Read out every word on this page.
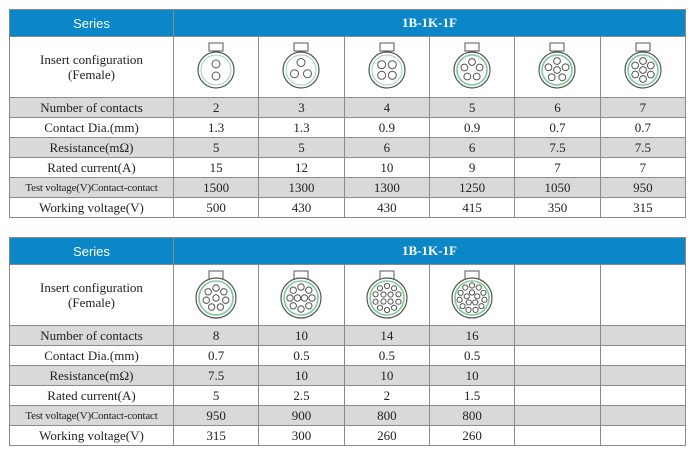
Series	1B-1K-1F					
Insert configuration
(Female)	

Number of contacts	2	3	4	5	6	7
Contact Dia.(mm)	1.3	1.3	0.9	0.9	0.7	0.7
Resistance(mΩ)	5	5	6	6	7.5	7.5
Rated current(A)	15	12	10	9	7	7
Test voltage(V)Contact-contact	1500	1300	1300	1250	1050	950
Working voltage(V)	500	430	430	415	350	315
Series	1B-1K-1F					
Insert configuration
(Female)	

Number of contacts	8	10	14	16		
Contact Dia.(mm)	0.7	0.5	0.5	0.5		
Resistance(mΩ)	7.5	10	10	10		
Rated current(A)	5	2.5	2	1.5		
Test voltage(V)Contact-contact	950	900	800	800		
Working voltage(V)	315	300	260	260		
